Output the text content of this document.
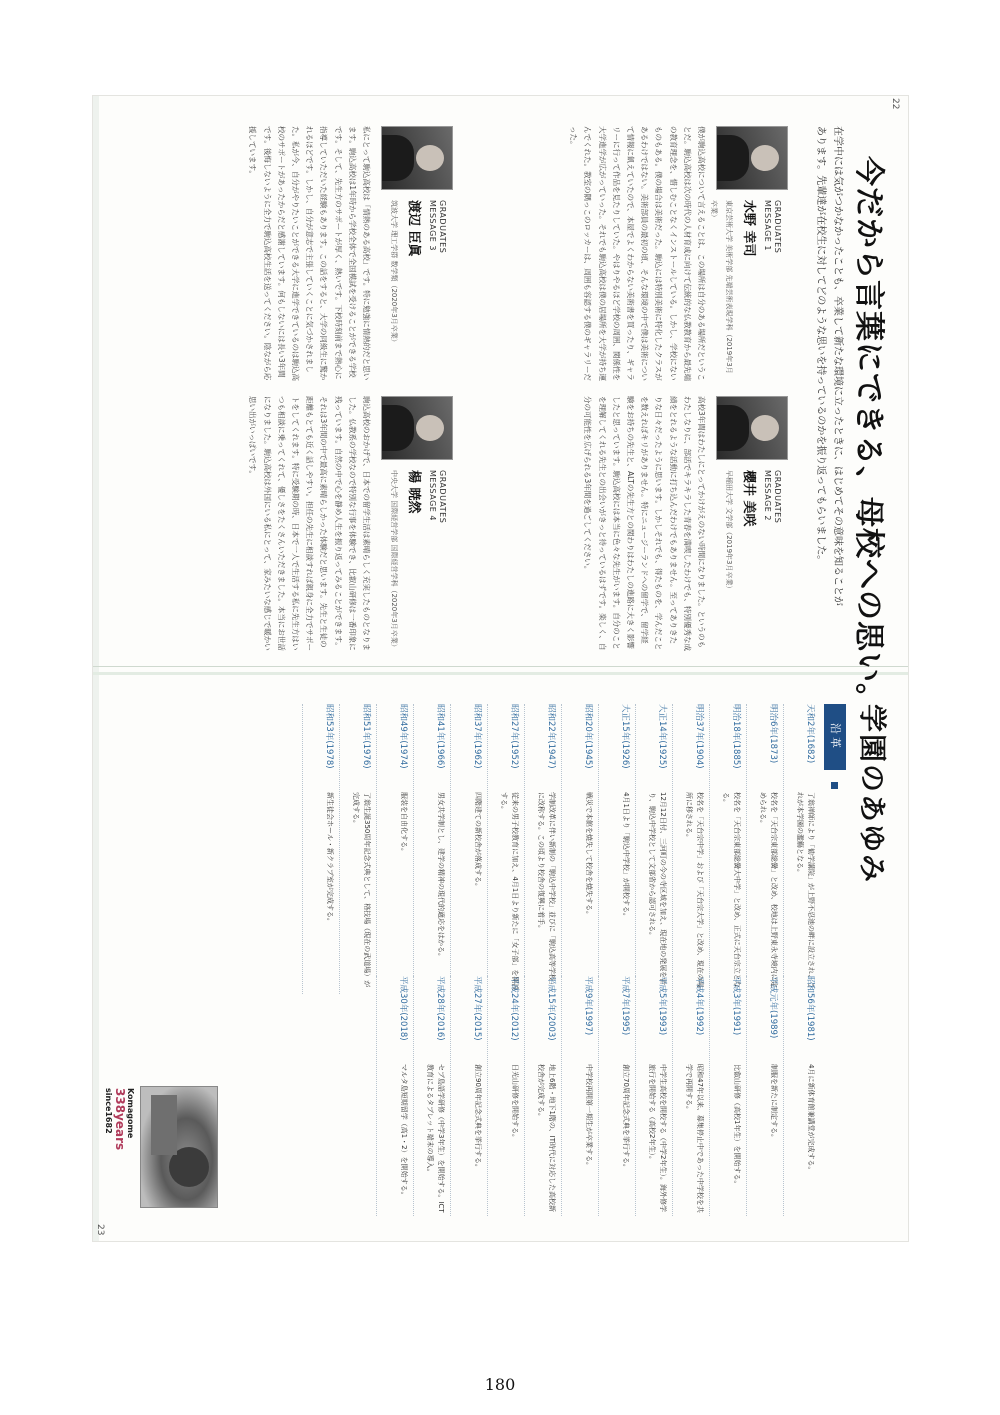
22
今だから言葉にできる、母校への思い。
在学中には気がつかなかったことも、卒業して新たな環境に立ったときに、はじめてその意味を知ることがあります。先輩達が在校生に対してどのような思いを持っているのかを振り返ってもらいました。
GRADUATES
MESSAGE 1
水野 幸司
東京芸術大学 美術学部 先端芸術表現学科（2019年3月卒業）
僕が駒込高校について言えることは、この場所は自分のある場所だということだ。駒込高校は次の時代の人材育成に向けて伝統的な仏教教育から最先端の教育理念を、惜しむことなくインストールしている。しかし、学校にないものもある。僕の場合は美術だった。駒込には特別美術に特化したクラスがあるわけではない。美術部員の最初の頃、そんな環境の中で僕は美術について情報に飢えていたので、本屋でよくわからない美術書を買ったり、ギャラリーに行って作品を見たりしていた。やはりやるほど学校の周囲、関係性を大学進学が広がっていった。それでも駒込高校は僕の居場所を大学が持ち運んでくれた。教室の隅っこのロッカーは、周囲も容認する僕のギャラリーだった。
GRADUATES
MESSAGE 2
櫻井 美咲
早稲田大学 文学部（2019年3月卒業）
高校3年間はわたしにとってかけがえのない時間になりました。というのもわたしなりに、部活でキラキラした青春を満喫したわけでも、特別優秀な成績をとれるような活動に打ち込んだわけでもありません。至ってありきたりな日々だったように思います。しかしそれでも、得たものを、学んだことを数えればキリがありません。特にニュージーランドへの留学で、留学経験をお持ちの先生と、ALTの先生方との関わりはわたしの進路に大きく影響したと思っています。駒込高校には本当に色々な先生がいます。自分のことを理解してくれる先生との出会いがきっと待っているはずです。楽しく、自分の可能性を広げられる3年間を過ごしてください。
GRADUATES
MESSAGE 3
渡辺 臣眞
筑波大学 理工学群 数学類（2020年3月卒業）
私にとって駒込高校は「情熱のある高校」です。特に勉強に情熱的だと思います。駒込高校は1年時から学校全体で全国模試を受けることができる学校です。そして、先生方のサポートが厚く、熱いです。下校時刻前まで熱心に指導していただいた経験もあります。この話をすると、大学の同級生に驚かれるほどです。しかし、自分が意志で主張していくことに気づかされました。私が今、自分がやりたいことができる大学に進学できているのは駒込高校のサポートがあったからだと感謝しています。何もしないには長い3年間です。後悔しないように全力で駒込高校生活を送ってください。陰ながら応援しています。
GRADUATES
MESSAGE 4
楊 暁然
中央大学 国際経営学部 国際経営学科（2020年3月卒業）
駒込高校のおかげで、日本での留学生活は素晴らしく充実したものとなりました。仏教系の学校なので特別な行事を体験でき、比叡山研修は一番印象に残っています。自然の中で心を静め人生を振り返ってみることができます。それは3年間の中で最高に素晴らしかった体験だと思います。先生と生徒の距離もとても近く話しやすい。担任の先生に相談すれば親身に全力でサポートをしてくれます。特に受験期の時、日本で一人で生活する私に先生方はいつも相談に乗ってくれて、優しさをたくさんいただきました。本当にお世話になりました。駒込高校は外国にいる私にとって、家みたいな感じで暖かい思い出がいっぱいです。
学園のあゆみ
沿革
天和2年(1682)
了翁禅師により「勧学講院」が上野不忍池の畔に設立され、これが本学園の濫觴となる。
明治6年(1873)
校名を「天台宗東部総黌」と改め、校地は上野東永寺境内に定められる。
明治18年(1885)
校名を「天台宗東部総黌大中学」と改め、正式に天台宗立となる。
明治37年(1904)
校名を「天台宗中学」および「天台宗大学」と改め、現在の場所に移される。
大正14年(1925)
12月12日付、三河町の今の寺区域を加え、現在地の発展を計り、駒込中学校として文部省から認可される。
大正15年(1926)
4月1日より「駒込中学校」が開校する。
昭和20年(1945)
戦災で本館を焼失して校舎を焼失する。
昭和22年(1947)
学制改革に伴い新制の「駒込中学校」並びに「駒込高等学校」に改称する。この頃より校舎の復興に着手。
昭和27年(1952)
従来の男子校教育に加え、4月1日より新たに「女子部」を開設する。
昭和37年(1962)
四階建ての新校舎が落成する。
昭和41年(1966)
男女共学制とし、建学の精神の現代的適応をはかる。
昭和49年(1974)
服装を自由化する。
昭和51年(1976)
了翁生誕350周年記念式典として、格技場（現在の武道場）が完成する。
昭和53年(1978)
新生徒会ホール・新クラブ室が完成する。
昭和56年(1981)
4月に新体育館兼講堂が完成する。
平成元年(1989)
制服を新たに制定する。
平成3年(1991)
比叡山研修（高校1年生）を開始する。
平成4年(1992)
昭和47年以来、募集停止中であった中学校を共学で再開する。
平成5年(1993)
中学生高校を開校する（中学2年生）。海外修学旅行を開始する（高校2年生）。
平成7年(1995)
創立70周年記念式典を挙行する。
平成9年(1997)
中学校再開第一期生が卒業する。
平成15年(2003)
地上6階・地下1階の、IT時代に対応した高校新校舎が完成する。
平成24年(2012)
日光山研修を開始する。
平成27年(2015)
創立90周年記念式典を挙行する。
平成28年(2016)
セブ島語学研修（中学3年生）を開始する。ICT教育によるタブレット端末の導入。
平成30年(2018)
マルタ島短期留学（高1・2）を開始する。
Komagome
338years
since1682
23
180
